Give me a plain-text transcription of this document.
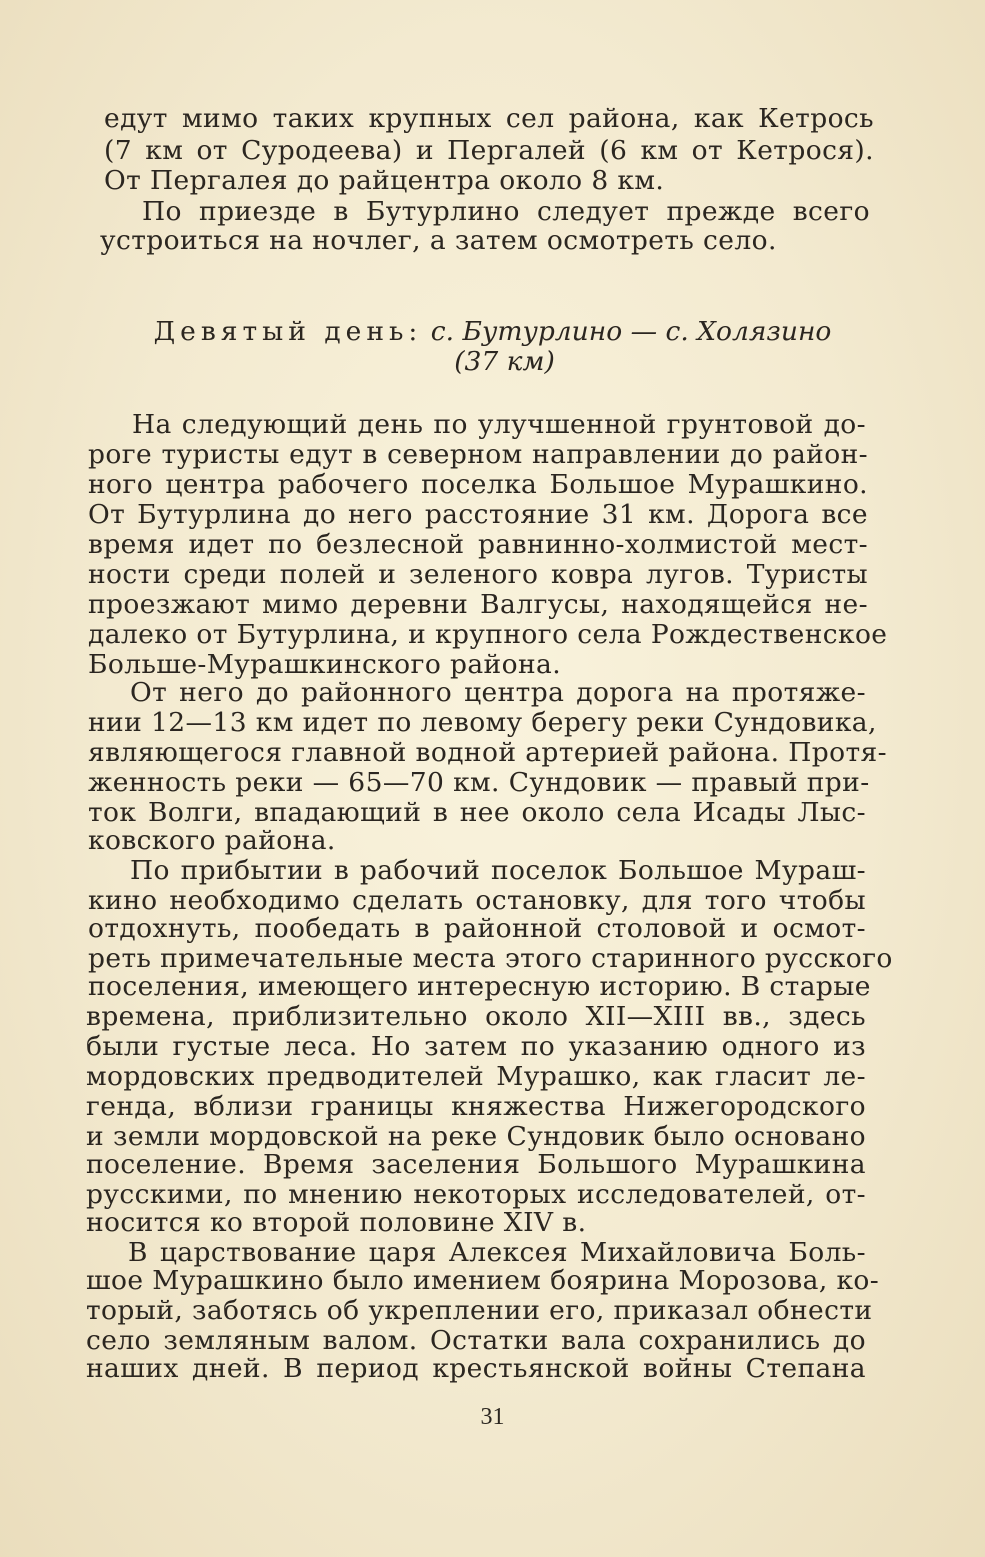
едут мимо таких крупных сел района, как Кетрось
(7 км от Суродеева) и Пергалей (6 км от Кетрося).
От Пергалея до райцентра около 8 км.
По приезде в Бутурлино следует прежде всего
устроиться на ночлег, а затем осмотреть село.
Девятый день: с. Бутурлино — с. Холязино
(37 км)
На следующий день по улучшенной грунтовой до-
роге туристы едут в северном направлении до район-
ного центра рабочего поселка Большое Мурашкино.
От Бутурлина до него расстояние 31 км. Дорога все
время идет по безлесной равнинно-холмистой мест-
ности среди полей и зеленого ковра лугов. Туристы
проезжают мимо деревни Валгусы, находящейся не-
далеко от Бутурлина, и крупного села Рождественское
Больше-Мурашкинского района.
От него до районного центра дорога на протяже-
нии 12—13 км идет по левому берегу реки Сундовика,
являющегося главной водной артерией района. Протя-
женность реки — 65—70 км. Сундовик — правый при-
ток Волги, впадающий в нее около села Исады Лыс-
ковского района.
По прибытии в рабочий поселок Большое Мураш-
кино необходимо сделать остановку, для того чтобы
отдохнуть, пообедать в районной столовой и осмот-
реть примечательные места этого старинного русского
поселения, имеющего интересную историю. В старые
времена, приблизительно около XII—XIII вв., здесь
были густые леса. Но затем по указанию одного из
мордовских предводителей Мурашко, как гласит ле-
генда, вблизи границы княжества Нижегородского
и земли мордовской на реке Сундовик было основано
поселение. Время заселения Большого Мурашкина
русскими, по мнению некоторых исследователей, от-
носится ко второй половине XIV в.
В царствование царя Алексея Михайловича Боль-
шое Мурашкино было имением боярина Морозова, ко-
торый, заботясь об укреплении его, приказал обнести
село земляным валом. Остатки вала сохранились до
наших дней. В период крестьянской войны Степана
31
